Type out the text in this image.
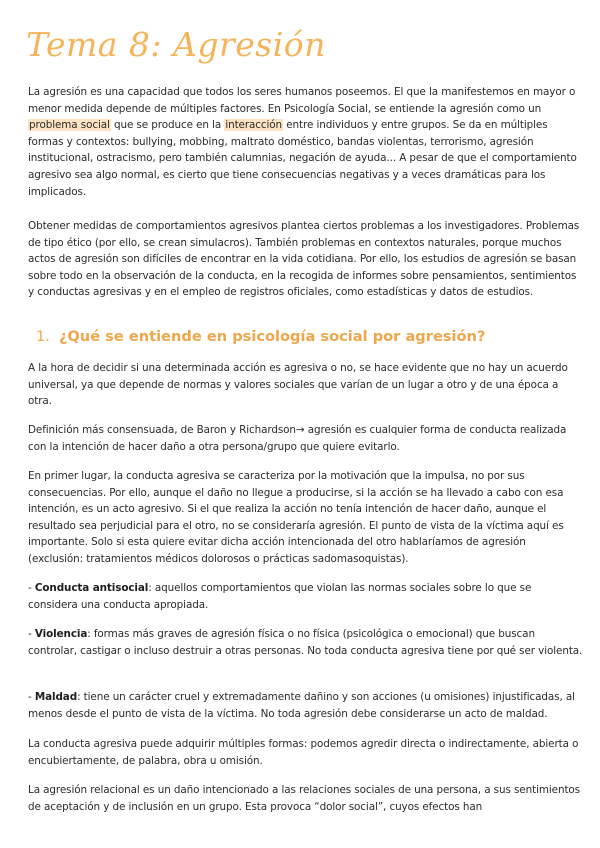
Tema 8: Agresión

La agresión es una capacidad que todos los seres humanos poseemos. El que la manifestemos en mayor o menor medida depende de múltiples factores. En Psicología Social, se entiende la agresión como un problema social que se produce en la interacción entre individuos y entre grupos. Se da en múltiples formas y contextos: bullying, mobbing, maltrato doméstico, bandas violentas, terrorismo, agresión institucional, ostracismo, pero también calumnias, negación de ayuda... A pesar de que el comportamiento agresivo sea algo normal, es cierto que tiene consecuencias negativas y a veces dramáticas para los implicados.

Obtener medidas de comportamientos agresivos plantea ciertos problemas a los investigadores. Problemas de tipo ético (por ello, se crean simulacros). También problemas en contextos naturales, porque muchos actos de agresión son difíciles de encontrar en la vida cotidiana. Por ello, los estudios de agresión se basan sobre todo en la observación de la conducta, en la recogida de informes sobre pensamientos, sentimientos y conductas agresivas y en el empleo de registros oficiales, como estadísticas y datos de estudios.

1. ¿Qué se entiende en psicología social por agresión?

A la hora de decidir si una determinada acción es agresiva o no, se hace evidente que no hay un acuerdo universal, ya que depende de normas y valores sociales que varían de un lugar a otro y de una época a otra.

Definición más consensuada, de Baron y Richardson→ agresión es cualquier forma de conducta realizada con la intención de hacer daño a otra persona/grupo que quiere evitarlo.

En primer lugar, la conducta agresiva se caracteriza por la motivación que la impulsa, no por sus consecuencias. Por ello, aunque el daño no llegue a producirse, si la acción se ha llevado a cabo con esa intención, es un acto agresivo. Si el que realiza la acción no tenía intención de hacer daño, aunque el resultado sea perjudicial para el otro, no se consideraría agresión. El punto de vista de la víctima aquí es importante. Solo si esta quiere evitar dicha acción intencionada del otro hablaríamos de agresión (exclusión: tratamientos médicos dolorosos o prácticas sadomasoquistas).

- Conducta antisocial: aquellos comportamientos que violan las normas sociales sobre lo que se considera una conducta apropiada.

- Violencia: formas más graves de agresión física o no física (psicológica o emocional) que buscan controlar, castigar o incluso destruir a otras personas. No toda conducta agresiva tiene por qué ser violenta.

- Maldad: tiene un carácter cruel y extremadamente dañino y son acciones (u omisiones) injustificadas, al menos desde el punto de vista de la víctima. No toda agresión debe considerarse un acto de maldad.

La conducta agresiva puede adquirir múltiples formas: podemos agredir directa o indirectamente, abierta o encubiertamente, de palabra, obra u omisión.

La agresión relacional es un daño intencionado a las relaciones sociales de una persona, a sus sentimientos de aceptación y de inclusión en un grupo. Esta provoca “dolor social”, cuyos efectos han
